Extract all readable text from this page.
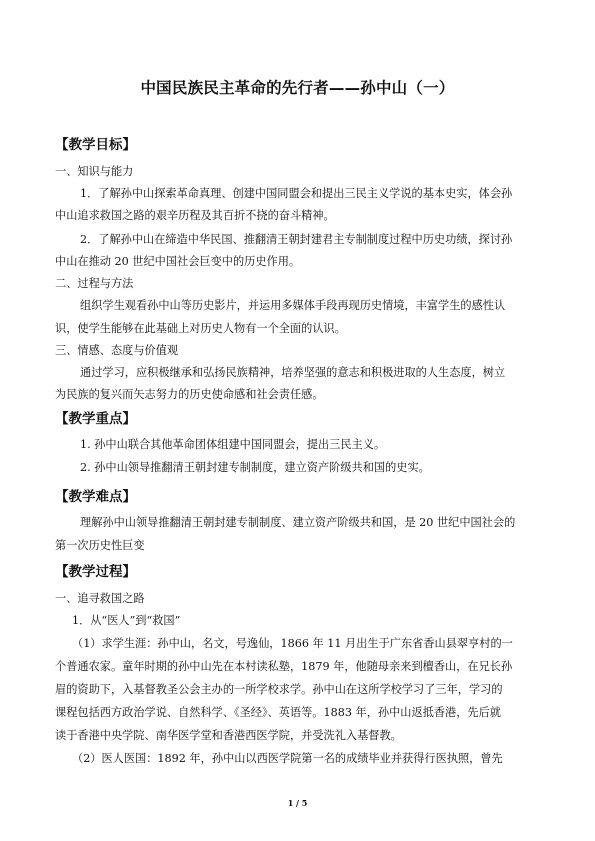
中国民族民主革命的先行者——孙中山（一）
【教学目标】
一、知识与能力
1．了解孙中山探索革命真理、创建中国同盟会和提出三民主义学说的基本史实，体会孙
中山追求救国之路的艰辛历程及其百折不挠的奋斗精神。
2．了解孙中山在缔造中华民国、推翻清王朝封建君主专制制度过程中历史功绩，探讨孙
中山在推动 20 世纪中国社会巨变中的历史作用。
二、过程与方法
组织学生观看孙中山等历史影片，并运用多媒体手段再现历史情境，丰富学生的感性认
识，使学生能够在此基础上对历史人物有一个全面的认识。
三、情感、态度与价值观
通过学习，应积极继承和弘扬民族精神，培养坚强的意志和积极进取的人生态度，树立
为民族的复兴而矢志努力的历史使命感和社会责任感。
【教学重点】
1. 孙中山联合其他革命团体组建中国同盟会，提出三民主义。
2. 孙中山领导推翻清王朝封建专制制度，建立资产阶级共和国的史实。
【教学难点】
理解孙中山领导推翻清王朝封建专制制度、建立资产阶级共和国，是 20 世纪中国社会的
第一次历史性巨变
【教学过程】
一、追寻救国之路
1．从“医人”到“救国”
（1）求学生涯：孙中山，名文，号逸仙，1866 年 11 月出生于广东省香山县翠亨村的一
个普通农家。童年时期的孙中山先在本村读私塾，1879 年，他随母亲来到檀香山，在兄长孙
眉的资助下，入基督教圣公会主办的一所学校求学。孙中山在这所学校学习了三年，学习的
课程包括西方政治学说、自然科学、《圣经》、英语等。1883 年，孙中山返抵香港，先后就
读于香港中央学院、南华医学堂和香港西医学院，并受洗礼入基督教。
（2）医人医国：1892 年，孙中山以西医学院第一名的成绩毕业并获得行医执照，曾先
1 / 5
